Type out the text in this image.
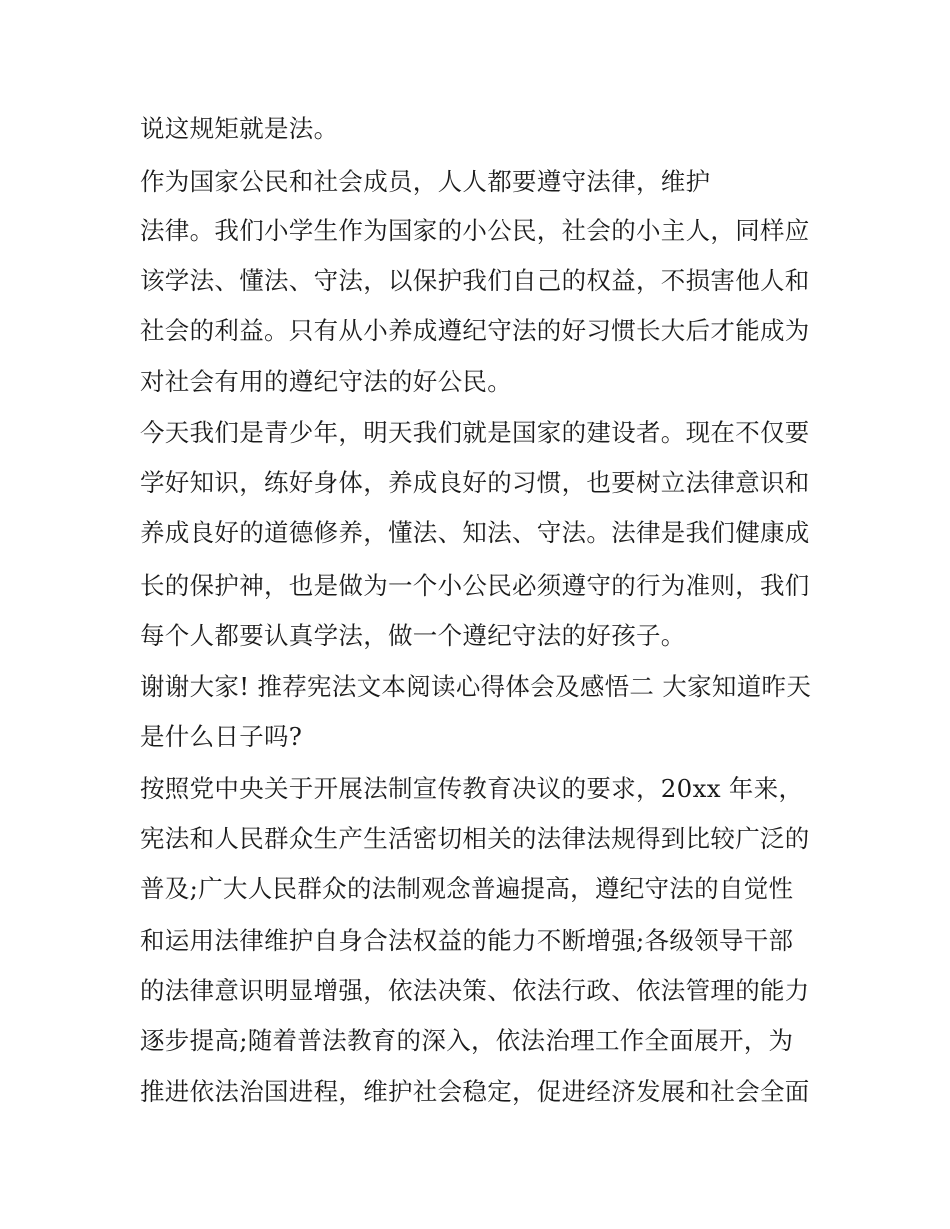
说这规矩就是法。
作为国家公民和社会成员，人人都要遵守法律，维护
法律。我们小学生作为国家的小公民，社会的小主人，同样应
该学法、懂法、守法，以保护我们自己的权益，不损害他人和
社会的利益。只有从小养成遵纪守法的好习惯长大后才能成为
对社会有用的遵纪守法的好公民。
今天我们是青少年，明天我们就是国家的建设者。现在不仅要
学好知识，练好身体，养成良好的习惯，也要树立法律意识和
养成良好的道德修养，懂法、知法、守法。法律是我们健康成
长的保护神，也是做为一个小公民必须遵守的行为准则，我们
每个人都要认真学法，做一个遵纪守法的好孩子。
谢谢大家! 推荐宪法文本阅读心得体会及感悟二 大家知道昨天
是什么日子吗?
按照党中央关于开展法制宣传教育决议的要求，20xx 年来，
宪法和人民群众生产生活密切相关的法律法规得到比较广泛的
普及;广大人民群众的法制观念普遍提高，遵纪守法的自觉性
和运用法律维护自身合法权益的能力不断增强;各级领导干部
的法律意识明显增强，依法决策、依法行政、依法管理的能力
逐步提高;随着普法教育的深入，依法治理工作全面展开，为
推进依法治国进程，维护社会稳定，促进经济发展和社会全面
